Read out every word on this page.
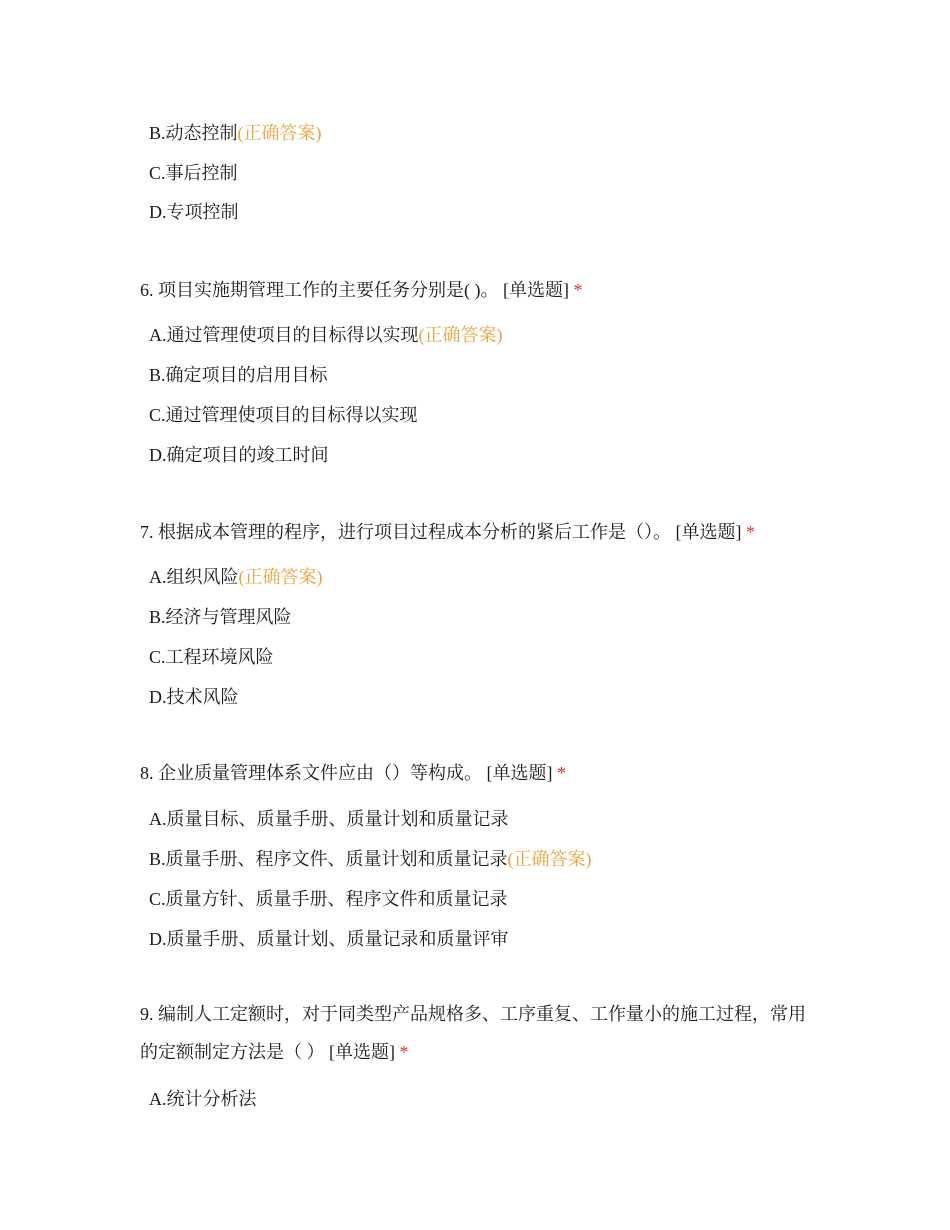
B.动态控制(正确答案)
C.事后控制
D.专项控制
6. 项目实施期管理工作的主要任务分别是( )。 [单选题] *
A.通过管理使项目的目标得以实现(正确答案)
B.确定项目的启用目标
C.通过管理使项目的目标得以实现
D.确定项目的竣工时间
7. 根据成本管理的程序，进行项目过程成本分析的紧后工作是（）。 [单选题] *
A.组织风险(正确答案)
B.经济与管理风险
C.工程环境风险
D.技术风险
8. 企业质量管理体系文件应由（）等构成。 [单选题] *
A.质量目标、质量手册、质量计划和质量记录
B.质量手册、程序文件、质量计划和质量记录(正确答案)
C.质量方针、质量手册、程序文件和质量记录
D.质量手册、质量计划、质量记录和质量评审
9. 编制人工定额时，对于同类型产品规格多、工序重复、工作量小的施工过程，常用的定额制定方法是（ ） [单选题] *
A.统计分析法
